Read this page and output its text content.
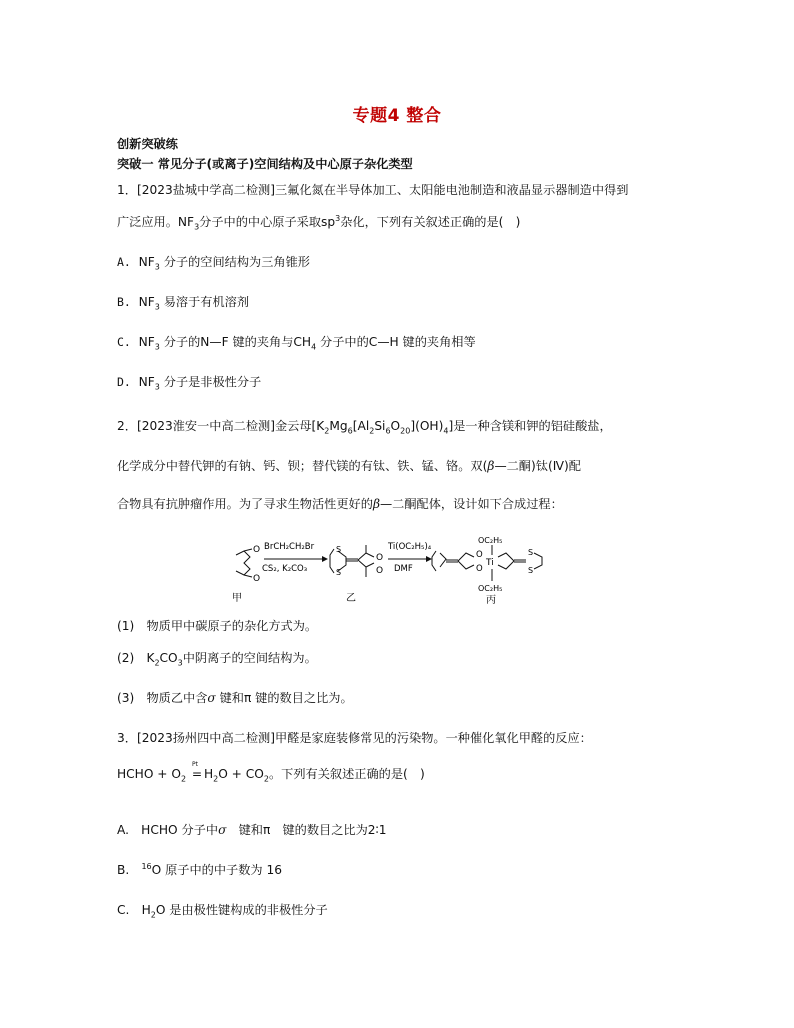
专题4 整合
创新突破练
突破一 常见分子(或离子)空间结构及中心原子杂化类型
1．[2023盐城中学高二检测]三氟化氮在半导体加工、太阳能电池制造和液晶显示器制造中得到
广泛应用。$NF_3$分子中的中心原子采取$sp^3$杂化，下列有关叙述正确的是(　)
A. $NF_3$ 分子的空间结构为三角锥形
B. $NF_3$ 易溶于有机溶剂
C. $NF_3$ 分子的N—F 键的夹角与$CH_4$ 分子中的C—H 键的夹角相等
D. $NF_3$ 分子是非极性分子
2．[2023淮安一中高二检测]金云母$[K_2Mg_6[Al_2Si_6O_{20}](OH)_4]$是一种含镁和钾的铝硅酸盐，
化学成分中替代钾的有钠、钙、钡；替代镁的有钛、铁、锰、铬。双(β—二酮)钛(Ⅳ)配
合物具有抗肿瘤作用。为了寻求生物活性更好的β—二酮配体，设计如下合成过程：
O
O
甲
BrCH₂CH₂Br
CS₂, K₂CO₃
S
S
O
O
乙
Ti(OC₂H₅)₄
DMF
O
O
Ti
OC₂H₅
OC₂H₅
S
S
丙
(1)　物质甲中碳原子的杂化方式为。
(2)　$K_2CO_3$中阴离子的空间结构为。
(3)　物质乙中含σ 键和π 键的数目之比为。
3．[2023扬州四中高二检测]甲醛是家庭装修常见的污染物。一种催化氧化甲醛的反应：
HCHO + $O_2$
Pt
= $H_2O + CO_2$。下列有关叙述正确的是(　)
A.　HCHO 分子中σ　键和π　键的数目之比为2∶1
B.　$^{16}$O 原子中的中子数为 16
C.　$H_2O$ 是由极性键构成的非极性分子
